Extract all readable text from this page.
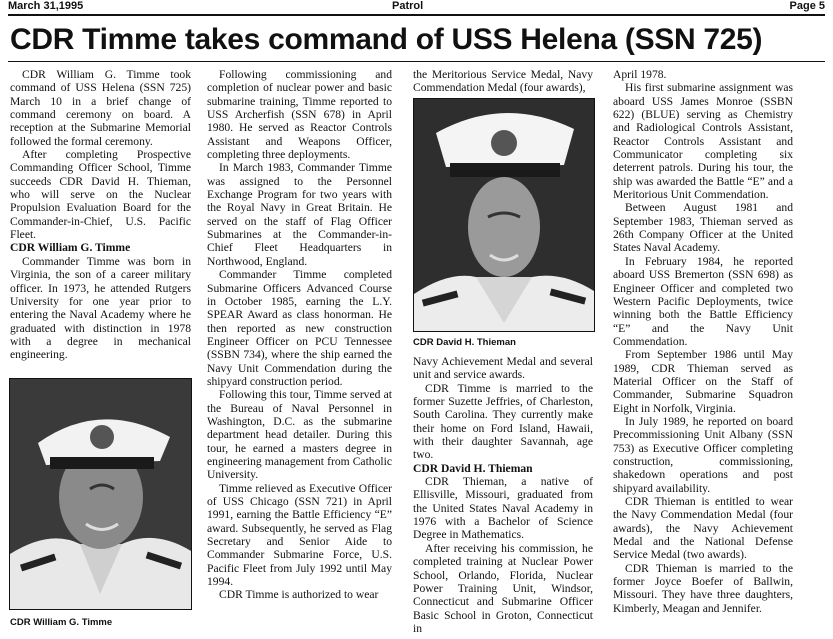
March 31,1995	Patrol	Page 5
CDR Timme takes command of USS Helena (SSN 725)

CDR William G. Timme took command of USS Helena (SSN 725) March 10 in a brief change of command ceremony on board. A reception at the Submarine Memorial followed the formal ceremony.

After completing Prospective Commanding Officer School, Timme succeeds CDR David H. Thieman, who will serve on the Nuclear Propulsion Evaluation Board for the Commander-in-Chief, U.S. Pacific Fleet.

CDR William G. Timme

Commander Timme was born in Virginia, the son of a career military officer. In 1973, he attended Rutgers University for one year prior to entering the Naval Academy where he graduated with distinction in 1978 with a degree in mechanical engineering.

CDR William G. Timme

Following commissioning and completion of nuclear power and basic submarine training, Timme reported to USS Archerfish (SSN 678) in April 1980. He served as Reactor Controls Assistant and Weapons Officer, completing three deployments.

In March 1983, Commander Timme was assigned to the Personnel Exchange Program for two years with the Royal Navy in Great Britain. He served on the staff of Flag Officer Submarines at the Commander-in-Chief Fleet Headquarters in Northwood, England.

Commander Timme completed Submarine Officers Advanced Course in October 1985, earning the L.Y. SPEAR Award as class honorman. He then reported as new construction Engineer Officer on PCU Tennessee (SSBN 734), where the ship earned the Navy Unit Commendation during the shipyard construction period.

Following this tour, Timme served at the Bureau of Naval Personnel in Washington, D.C. as the submarine department head detailer. During this tour, he earned a masters degree in engineering management from Catholic University.

Timme relieved as Executive Officer of USS Chicago (SSN 721) in April 1991, earning the Battle Efficiency “E” award. Subsequently, he served as Flag Secretary and Senior Aide to Commander Submarine Force, U.S. Pacific Fleet from July 1992 until May 1994.

CDR Timme is authorized to wear

the Meritorious Service Medal, Navy Commendation Medal (four awards),

CDR David H. Thieman

Navy Achievement Medal and several unit and service awards.

CDR Timme is married to the former Suzette Jeffries, of Charleston, South Carolina. They currently make their home on Ford Island, Hawaii, with their daughter Savannah, age two.

CDR David H. Thieman

CDR Thieman, a native of Ellisville, Missouri, graduated from the United States Naval Academy in 1976 with a Bachelor of Science Degree in Mathematics.

After receiving his commission, he completed training at Nuclear Power School, Orlando, Florida, Nuclear Power Training Unit, Windsor, Connecticut and Submarine Officer Basic School in Groton, Connecticut in

April 1978.

His first submarine assignment was aboard USS James Monroe (SSBN 622) (BLUE) serving as Chemistry and Radiological Controls Assistant, Reactor Controls Assistant and Communicator completing six deterrent patrols. During his tour, the ship was awarded the Battle “E” and a Meritorious Unit Commendation.

Between August 1981 and September 1983, Thieman served as 26th Company Officer at the United States Naval Academy.

In February 1984, he reported aboard USS Bremerton (SSN 698) as Engineer Officer and completed two Western Pacific Deployments, twice winning both the Battle Efficiency “E” and the Navy Unit Commendation.

From September 1986 until May 1989, CDR Thieman served as Material Officer on the Staff of Commander, Submarine Squadron Eight in Norfolk, Virginia.

In July 1989, he reported on board Precommissioning Unit Albany (SSN 753) as Executive Officer completing construction, commissioning, shakedown operations and post shipyard availability.

CDR Thieman is entitled to wear the Navy Commendation Medal (four awards), the Navy Achievement Medal and the National Defense Service Medal (two awards).

CDR Thieman is married to the former Joyce Boefer of Ballwin, Missouri. They have three daughters, Kimberly, Meagan and Jennifer.
